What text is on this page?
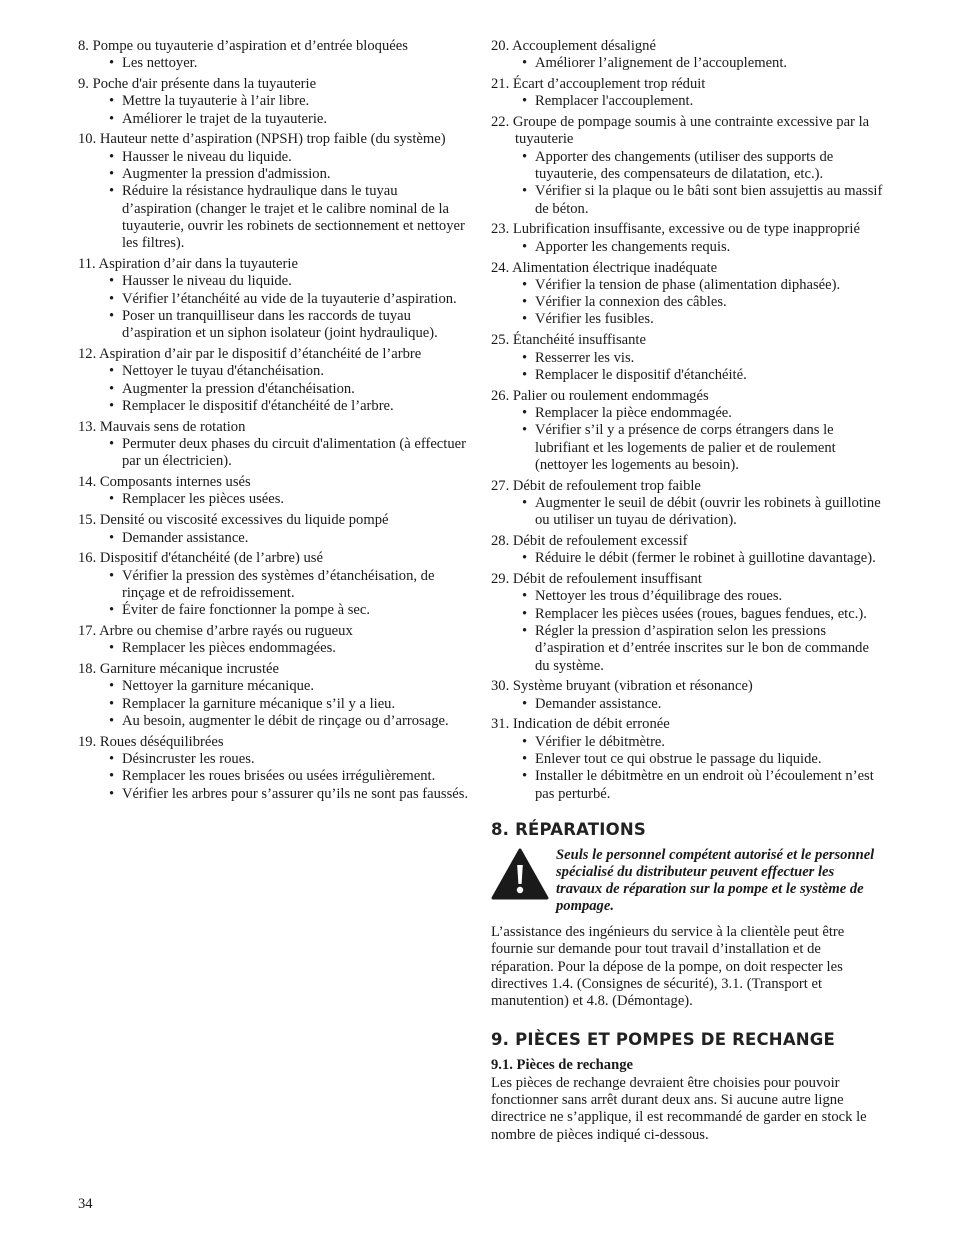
8. Pompe ou tuyauterie d’aspiration et d’entrée bloquées
• Les nettoyer.
9. Poche d'air présente dans la tuyauterie
• Mettre la tuyauterie à l’air libre.
• Améliorer le trajet de la tuyauterie.
10. Hauteur nette d’aspiration (NPSH) trop faible (du système)
• Hausser le niveau du liquide.
• Augmenter la pression d'admission.
• Réduire la résistance hydraulique dans le tuyau d’aspiration (changer le trajet et le calibre nominal de la tuyauterie, ouvrir les robinets de sectionnement et nettoyer les filtres).
11. Aspiration d’air dans la tuyauterie
• Hausser le niveau du liquide.
• Vérifier l’étanchéité au vide de la tuyauterie d’aspiration.
• Poser un tranquilliseur dans les raccords de tuyau d’aspiration et un siphon isolateur (joint hydraulique).
12. Aspiration d’air par le dispositif d’étanchéité de l’arbre
• Nettoyer le tuyau d'étanchéisation.
• Augmenter la pression d'étanchéisation.
• Remplacer le dispositif d'étanchéité de l’arbre.
13. Mauvais sens de rotation
• Permuter deux phases du circuit d'alimentation (à effectuer par un électricien).
14. Composants internes usés
• Remplacer les pièces usées.
15. Densité ou viscosité excessives du liquide pompé
• Demander assistance.
16. Dispositif d'étanchéité (de l’arbre) usé
• Vérifier la pression des systèmes d’étanchéisation, de rinçage et de refroidissement.
• Éviter de faire fonctionner la pompe à sec.
17. Arbre ou chemise d’arbre rayés ou rugueux
• Remplacer les pièces endommagées.
18. Garniture mécanique incrustée
• Nettoyer la garniture mécanique.
• Remplacer la garniture mécanique s’il y a lieu.
• Au besoin, augmenter le débit de rinçage ou d’arrosage.
19. Roues déséquilibrées
• Désincruster les roues.
• Remplacer les roues brisées ou usées irrégulièrement.
• Vérifier les arbres pour s’assurer qu’ils ne sont pas faussés.
20. Accouplement désaligné
• Améliorer l’alignement de l’accouplement.
21. Écart d’accouplement trop réduit
• Remplacer l'accouplement.
22. Groupe de pompage soumis à une contrainte excessive par la tuyauterie
• Apporter des changements (utiliser des supports de tuyauterie, des compensateurs de dilatation, etc.).
• Vérifier si la plaque ou le bâti sont bien assujettis au massif de béton.
23. Lubrification insuffisante, excessive ou de type inapproprié
• Apporter les changements requis.
24. Alimentation électrique inadéquate
• Vérifier la tension de phase (alimentation diphasée).
• Vérifier la connexion des câbles.
• Vérifier les fusibles.
25. Étanchéité insuffisante
• Resserrer les vis.
• Remplacer le dispositif d'étanchéité.
26. Palier ou roulement endommagés
• Remplacer la pièce endommagée.
• Vérifier s’il y a présence de corps étrangers dans le lubrifiant et les logements de palier et de roulement (nettoyer les logements au besoin).
27. Débit de refoulement trop faible
• Augmenter le seuil de débit (ouvrir les robinets à guillotine ou utiliser un tuyau de dérivation).
28. Débit de refoulement excessif
• Réduire le débit (fermer le robinet à guillotine davantage).
29. Débit de refoulement insuffisant
• Nettoyer les trous d’équilibrage des roues.
• Remplacer les pièces usées (roues, bagues fendues, etc.).
• Régler la pression d’aspiration selon les pressions d’aspiration et d’entrée inscrites sur le bon de commande du système.
30. Système bruyant (vibration et résonance)
• Demander assistance.
31. Indication de débit erronée
• Vérifier le débitmètre.
• Enlever tout ce qui obstrue le passage du liquide.
• Installer le débitmètre en un endroit où l’écoulement n’est pas perturbé.
8. RÉPARATIONS
Seuls le personnel compétent autorisé et le personnel spécialisé du distributeur peuvent effectuer les travaux de réparation sur la pompe et le système de pompage.

L’assistance des ingénieurs du service à la clientèle peut être fournie sur demande pour tout travail d’installation et de réparation. Pour la dépose de la pompe, on doit respecter les directives 1.4. (Consignes de sécurité), 3.1. (Transport et manutention) et 4.8. (Démontage).

9. PIÈCES ET POMPES DE RECHANGE

9.1. Pièces de rechange

Les pièces de rechange devraient être choisies pour pouvoir fonctionner sans arrêt durant deux ans. Si aucune autre ligne directrice ne s’applique, il est recommandé de garder en stock le nombre de pièces indiqué ci-dessous.

34
